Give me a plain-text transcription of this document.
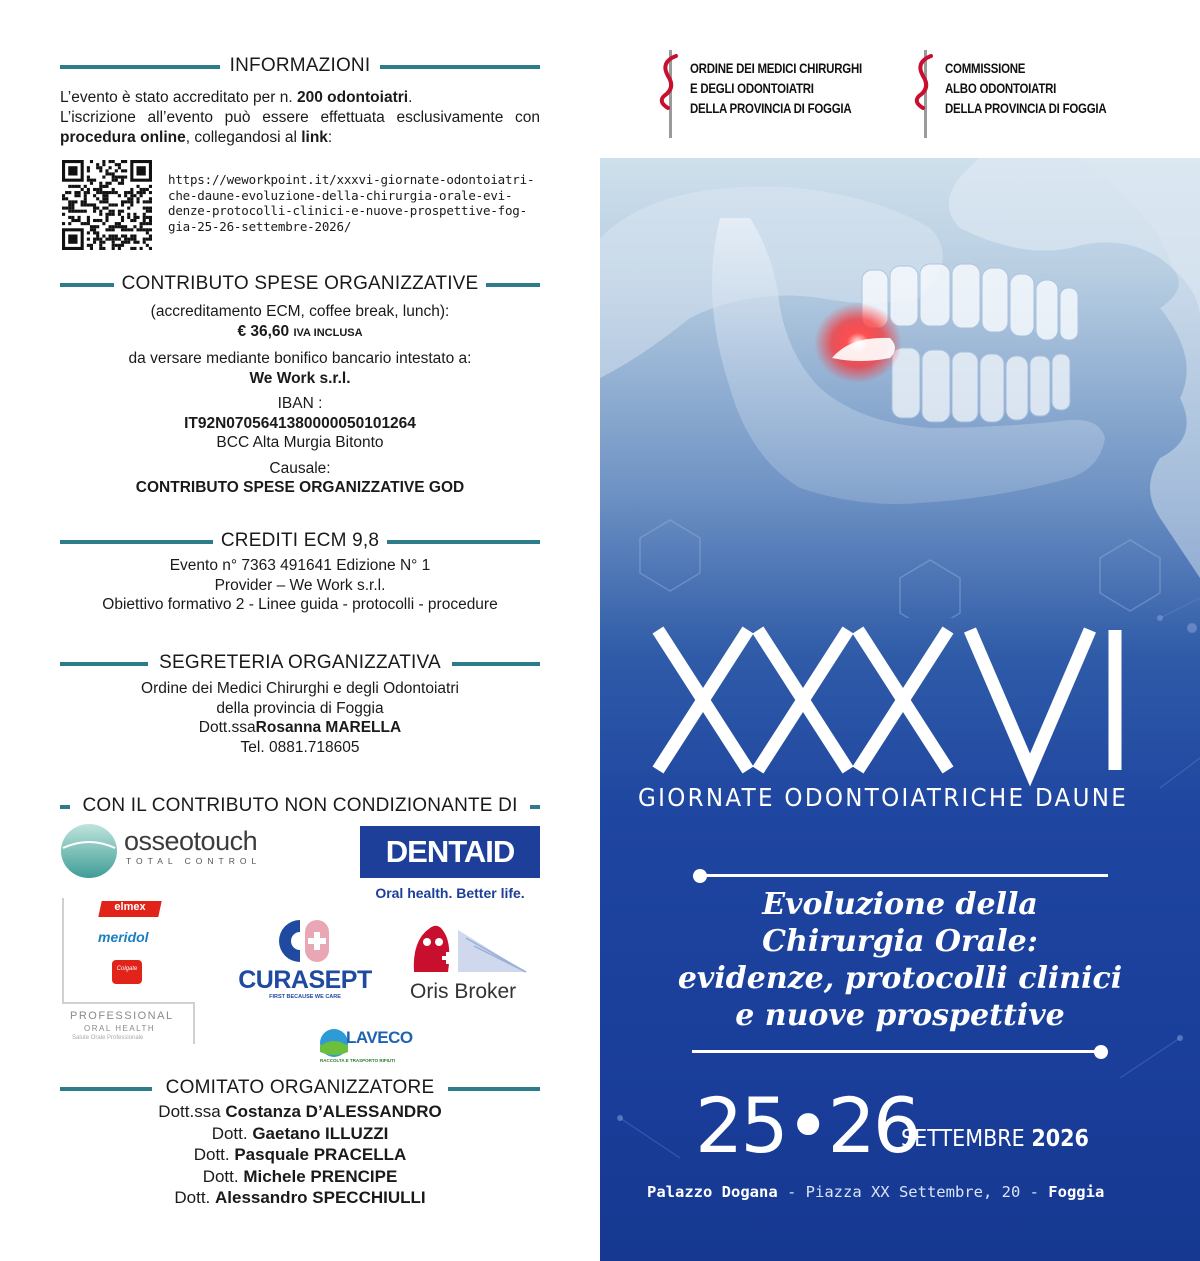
INFORMAZIONI
L’evento è stato accreditato per n. 200 odontoiatri.
L’iscrizione all’evento può essere effettuata esclusivamente con procedura online, collegandosi al link:
https://weworkpoint.it/xxxvi-giornate-odontoiatri-
che-daune-evoluzione-della-chirurgia-orale-evi-
denze-protocolli-clinici-e-nuove-prospettive-fog-
gia-25-26-settembre-2026/
CONTRIBUTO SPESE ORGANIZZATIVE
(accreditamento ECM, coffee break, lunch):
€ 36,60 IVA INCLUSA
da versare mediante bonifico bancario intestato a:
We Work s.r.l.
IBAN :
IT92N0705641380000050101264
BCC Alta Murgia Bitonto
Causale:
CONTRIBUTO SPESE ORGANIZZATIVE GOD
CREDITI ECM 9,8
Evento n° 7363 491641 Edizione N° 1
Provider – We Work s.r.l.
Obiettivo formativo 2 - Linee guida - protocolli - procedure
SEGRETERIA ORGANIZZATIVA
Ordine dei Medici Chirurghi e degli Odontoiatri
della provincia di Foggia
Dott.ssaRosanna MARELLA
Tel. 0881.718605
CON IL CONTRIBUTO NON CONDIZIONANTE DI
osseotouch
TOTAL CONTROL	DENTAID
Oral health. Better life.
elmex
meridol
Colgate
PROFESSIONAL
ORAL HEALTH
Salute Orale Professionale
CURASEPT
FIRST BECAUSE WE CARE	Oris Broker
LAVECO
RACCOLTA E TRASPORTO RIFIUTI
COMITATO ORGANIZZATORE
Dott.ssa Costanza D’ALESSANDRO
Dott. Gaetano ILLUZZI
Dott. Pasquale PRACELLA
Dott. Michele PRENCIPE
Dott. Alessandro SPECCHIULLI
ORDINE DEI MEDICI CHIRURGHI
E DEGLI ODONTOIATRI
DELLA PROVINCIA DI FOGGIA
COMMISSIONE
ALBO ODONTOIATRI
DELLA PROVINCIA DI FOGGIA
XXXVI
GIORNATE ODONTOIATRICHE DAUNE
Evoluzione della
Chirurgia Orale:
evidenze, protocolli clinici
e nuove prospettive
25•26
SETTEMBRE 2026
Palazzo Dogana - Piazza XX Settembre, 20 - Foggia
